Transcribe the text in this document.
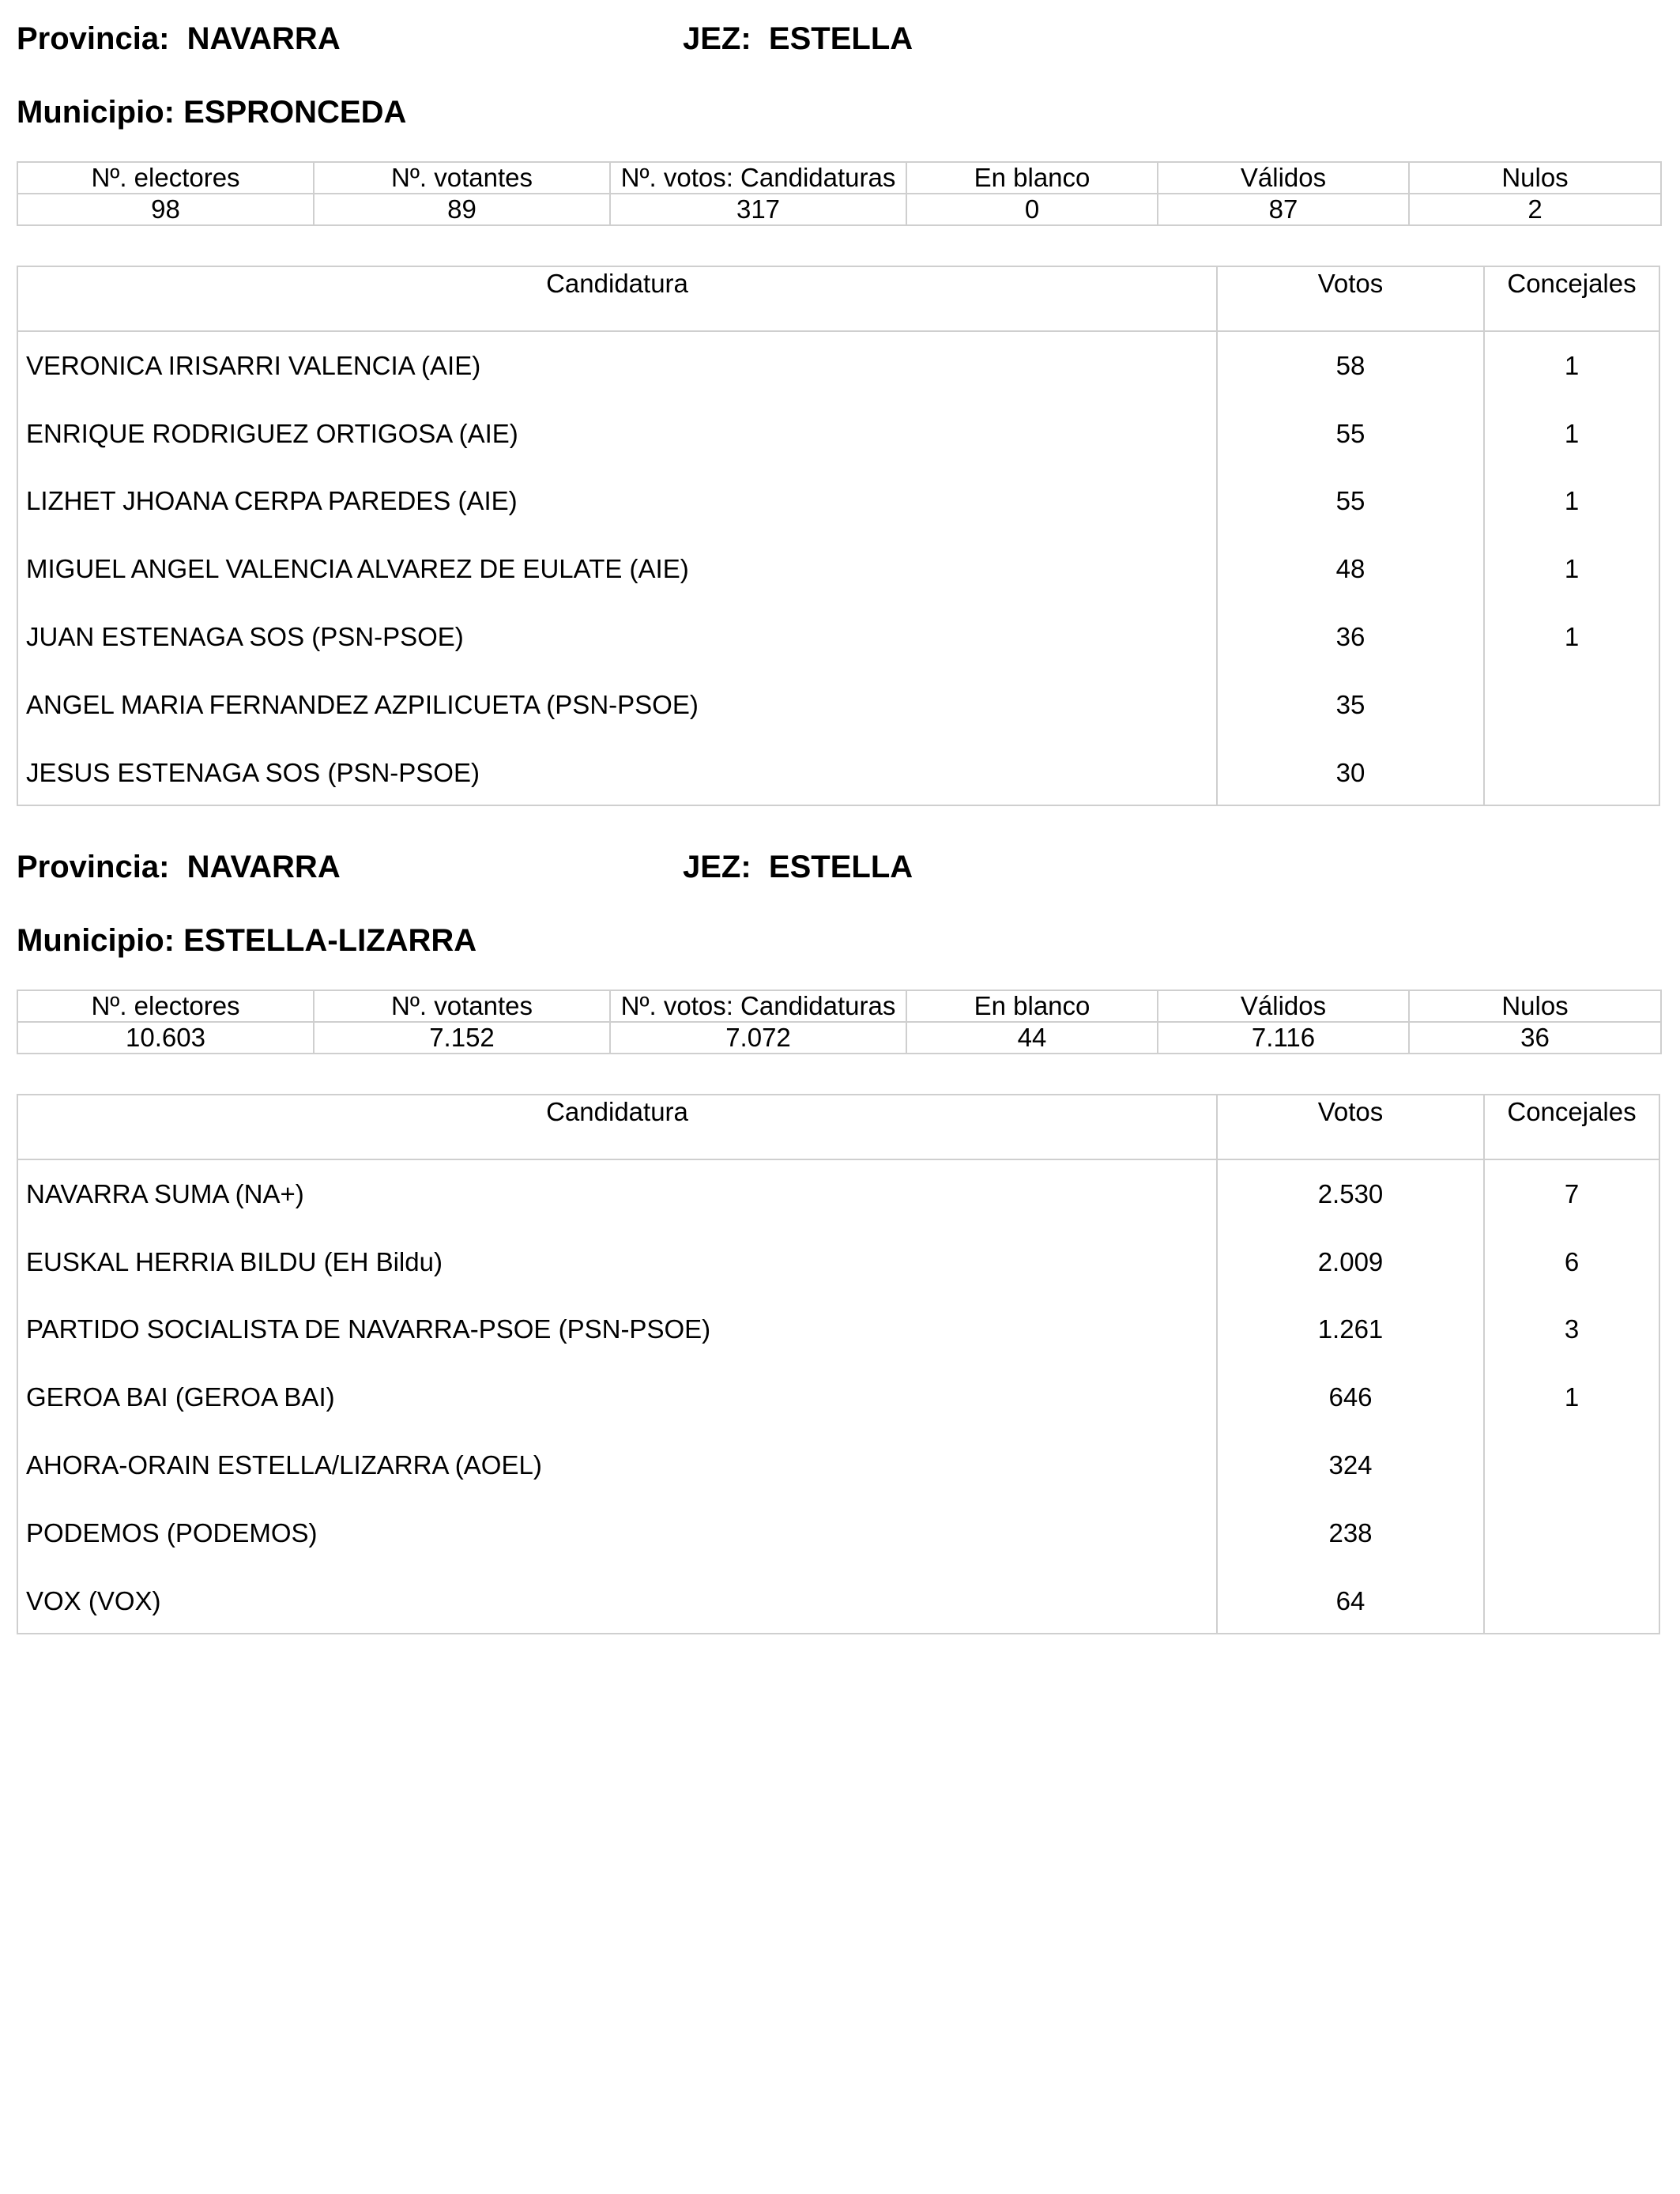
Provincia: NAVARRA	JEZ: ESTELLA
Municipio: ESPRONCEDA
Nº. electores	Nº. votantes	Nº. votos: Candidaturas	En blanco	Válidos	Nulos
98	89	317	0	87	2
Candidatura	Votos	Concejales
VERONICA IRISARRI VALENCIA (AIE)	58	1
ENRIQUE RODRIGUEZ ORTIGOSA (AIE)	55	1
LIZHET JHOANA CERPA PAREDES (AIE)	55	1
MIGUEL ANGEL VALENCIA ALVAREZ DE EULATE (AIE)	48	1
JUAN ESTENAGA SOS (PSN-PSOE)	36	1
ANGEL MARIA FERNANDEZ AZPILICUETA (PSN-PSOE)	35
JESUS ESTENAGA SOS (PSN-PSOE)	30
Provincia: NAVARRA	JEZ: ESTELLA
Municipio: ESTELLA-LIZARRA
Nº. electores	Nº. votantes	Nº. votos: Candidaturas	En blanco	Válidos	Nulos
10.603	7.152	7.072	44	7.116	36
Candidatura	Votos	Concejales
NAVARRA SUMA (NA+)	2.530	7
EUSKAL HERRIA BILDU (EH Bildu)	2.009	6
PARTIDO SOCIALISTA DE NAVARRA-PSOE (PSN-PSOE)	1.261	3
GEROA BAI (GEROA BAI)	646	1
AHORA-ORAIN ESTELLA/LIZARRA (AOEL)	324
PODEMOS (PODEMOS)	238
VOX (VOX)	64
